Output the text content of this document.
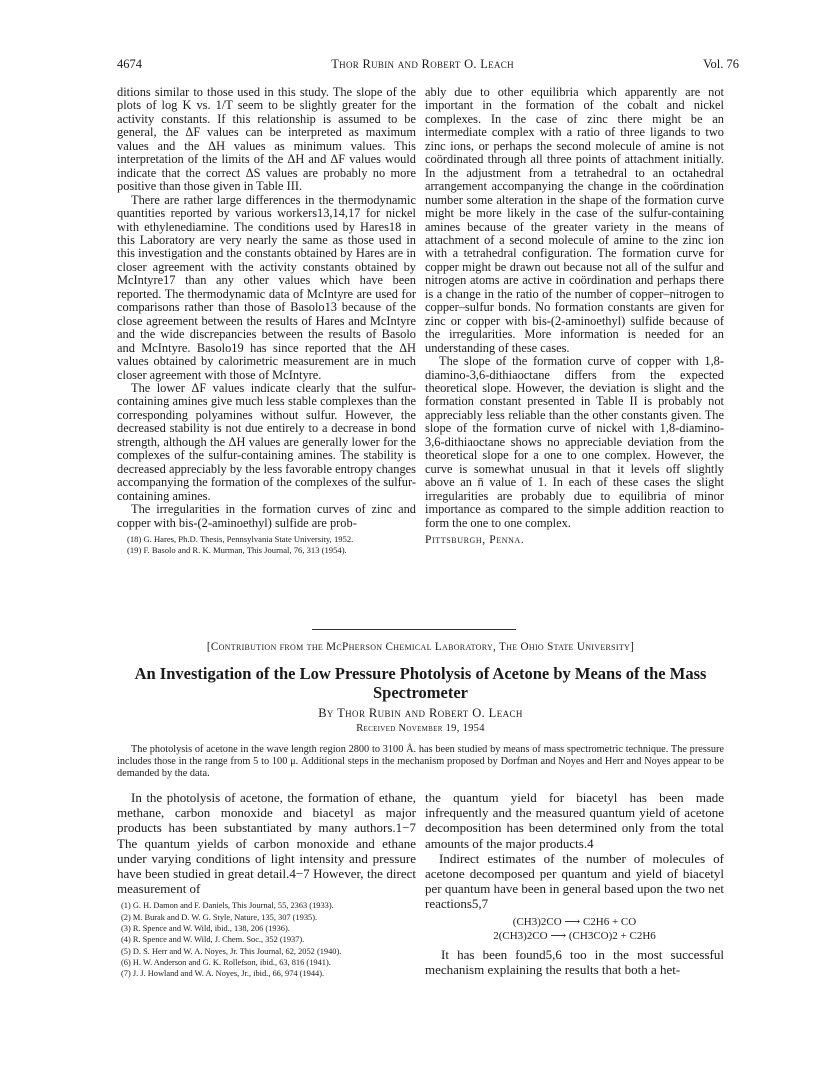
4674	Thor Rubin and Robert O. Leach	Vol. 76

ditions similar to those used in this study. The slope of the plots of log K vs. 1/T seem to be slightly greater for the activity constants. If this relationship is assumed to be general, the ΔF values can be interpreted as maximum values and the ΔH values as minimum values. This interpretation of the limits of the ΔH and ΔF values would indicate that the correct ΔS values are probably no more positive than those given in Table III.

There are rather large differences in the thermodynamic quantities reported by various workers13,14,17 for nickel with ethylenediamine. The conditions used by Hares18 in this Laboratory are very nearly the same as those used in this investigation and the constants obtained by Hares are in closer agreement with the activity constants obtained by McIntyre17 than any other values which have been reported. The thermodynamic data of McIntyre are used for comparisons rather than those of Basolo13 because of the close agreement between the results of Hares and McIntyre and the wide discrepancies between the results of Basolo and McIntyre. Basolo19 has since reported that the ΔH values obtained by calorimetric measurement are in much closer agreement with those of McIntyre.

The lower ΔF values indicate clearly that the sulfur-containing amines give much less stable complexes than the corresponding polyamines without sulfur. However, the decreased stability is not due entirely to a decrease in bond strength, although the ΔH values are generally lower for the complexes of the sulfur-containing amines. The stability is decreased appreciably by the less favorable entropy changes accompanying the formation of the complexes of the sulfur-containing amines.

The irregularities in the formation curves of zinc and copper with bis-(2-aminoethyl) sulfide are prob-

(18) G. Hares, Ph.D. Thesis, Pennsylvania State University, 1952.
(19) F. Basolo and R. K. Murman, This Journal, 76, 313 (1954).

ably due to other equilibria which apparently are not important in the formation of the cobalt and nickel complexes. In the case of zinc there might be an intermediate complex with a ratio of three ligands to two zinc ions, or perhaps the second molecule of amine is not coördinated through all three points of attachment initially. In the adjustment from a tetrahedral to an octahedral arrangement accompanying the change in the coördination number some alteration in the shape of the formation curve might be more likely in the case of the sulfur-containing amines because of the greater variety in the means of attachment of a second molecule of amine to the zinc ion with a tetrahedral configuration. The formation curve for copper might be drawn out because not all of the sulfur and nitrogen atoms are active in coördination and perhaps there is a change in the ratio of the number of copper–nitrogen to copper–sulfur bonds. No formation constants are given for zinc or copper with bis-(2-aminoethyl) sulfide because of the irregularities. More information is needed for an understanding of these cases.

The slope of the formation curve of copper with 1,8-diamino-3,6-dithiaoctane differs from the expected theoretical slope. However, the deviation is slight and the formation constant presented in Table II is probably not appreciably less reliable than the other constants given. The slope of the formation curve of nickel with 1,8-diamino-3,6-dithiaoctane shows no appreciable deviation from the theoretical slope for a one to one complex. However, the curve is somewhat unusual in that it levels off slightly above an n̄ value of 1. In each of these cases the slight irregularities are probably due to equilibria of minor importance as compared to the simple addition reaction to form the one to one complex.

Pittsburgh, Penna.
[Contribution from the McPherson Chemical Laboratory, The Ohio State University]
An Investigation of the Low Pressure Photolysis of Acetone by Means of the Mass Spectrometer
By Thor Rubin and Robert O. Leach
Received November 19, 1954

The photolysis of acetone in the wave length region 2800 to 3100 Å. has been studied by means of mass spectrometric technique. The pressure includes those in the range from 5 to 100 μ. Additional steps in the mechanism proposed by Dorfman and Noyes and Herr and Noyes appear to be demanded by the data.

In the photolysis of acetone, the formation of ethane, methane, carbon monoxide and biacetyl as major products has been substantiated by many authors.1−7 The quantum yields of carbon monoxide and ethane under varying conditions of light intensity and pressure have been studied in great detail.4−7 However, the direct measurement of

(1) G. H. Damon and F. Daniels, This Journal, 55, 2363 (1933).
(2) M. Burak and D. W. G. Style, Nature, 135, 307 (1935).
(3) R. Spence and W. Wild, ibid., 138, 206 (1936).
(4) R. Spence and W. Wild, J. Chem. Soc., 352 (1937).
(5) D. S. Herr and W. A. Noyes, Jr. This Journal, 62, 2052 (1940).
(6) H. W. Anderson and G. K. Rollefson, ibid., 63, 816 (1941).
(7) J. J. Howland and W. A. Noyes, Jr., ibid., 66, 974 (1944).

the quantum yield for biacetyl has been made infrequently and the measured quantum yield of acetone decomposition has been determined only from the total amounts of the major products.4

Indirect estimates of the number of molecules of acetone decomposed per quantum and yield of biacetyl per quantum have been in general based upon the two net reactions5,7

(CH3)2CO ⟶ C2H6 + CO
2(CH3)2CO ⟶ (CH3CO)2 + C2H6

It has been found5,6 too in the most successful mechanism explaining the results that both a het-
